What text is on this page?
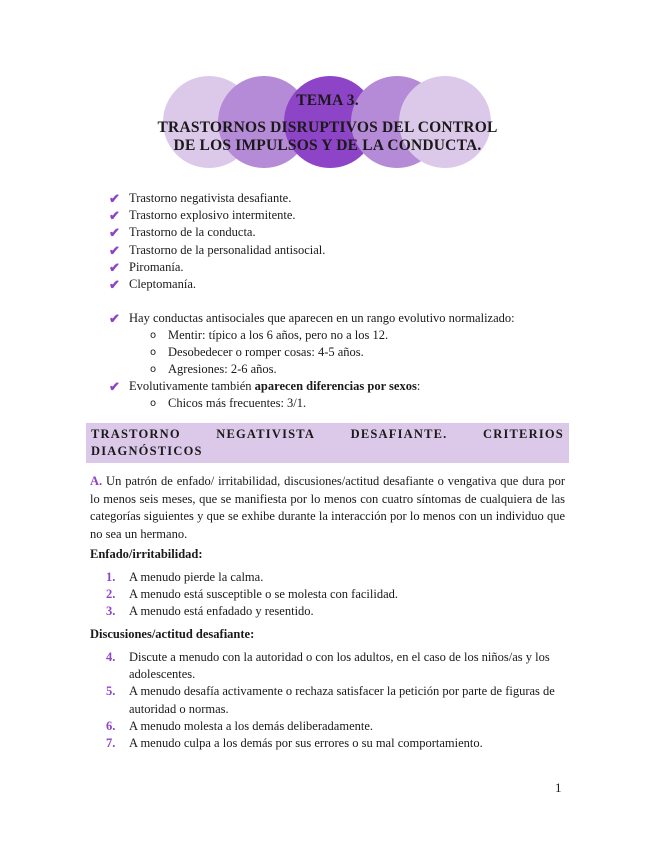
TEMA 3.
TRASTORNOS DISRUPTIVOS DEL CONTROL
DE LOS IMPULSOS Y DE LA CONDUCTA.
✔ Trastorno negativista desafiante.
✔ Trastorno explosivo intermitente.
✔ Trastorno de la conducta.
✔ Trastorno de la personalidad antisocial.
✔ Piromanía.
✔ Cleptomanía.
✔ Hay conductas antisociales que aparecen en un rango evolutivo normalizado:
o Mentir: típico a los 6 años, pero no a los 12.
o Desobedecer o romper cosas: 4-5 años.
o Agresiones: 2-6 años.
✔ Evolutivamente también aparecen diferencias por sexos:
o Chicos más frecuentes: 3/1.
TRASTORNO	NEGATIVISTA	DESAFIANTE.	CRITERIOS
DIAGNÓSTICOS
A. Un patrón de enfado/ irritabilidad, discusiones/actitud desafiante o vengativa que dura por lo menos seis meses, que se manifiesta por lo menos con cuatro síntomas de cualquiera de las categorías siguientes y que se exhibe durante la interacción por lo menos con un individuo que no sea un hermano.
Enfado/irritabilidad:
1. A menudo pierde la calma.
2. A menudo está susceptible o se molesta con facilidad.
3. A menudo está enfadado y resentido.
Discusiones/actitud desafiante:
4. Discute a menudo con la autoridad o con los adultos, en el caso de los niños/as y los adolescentes.
5. A menudo desafía activamente o rechaza satisfacer la petición por parte de figuras de autoridad o normas.
6. A menudo molesta a los demás deliberadamente.
7. A menudo culpa a los demás por sus errores o su mal comportamiento.
1
